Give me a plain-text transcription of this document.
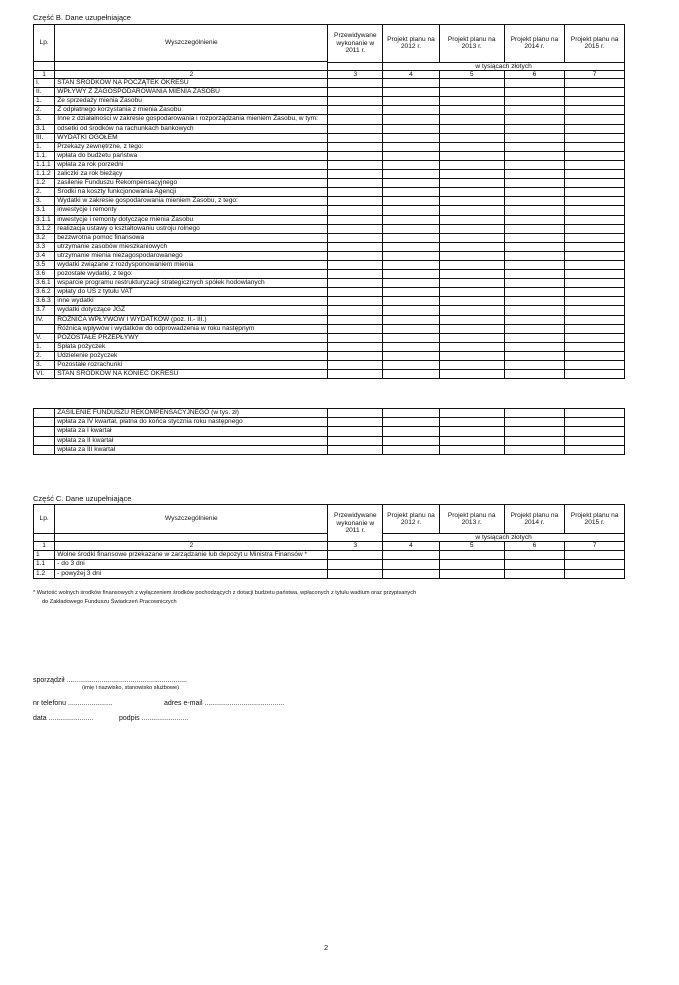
Część B. Dane uzupełniające
Lp.	Wyszczególnienie	Przewidywane wykonanie w 2011 r.	Projekt planu na 2012 r.	Projekt planu na 2013 r.	Projekt planu na 2014 r.	Projekt planu na 2015 r.

			w tysiącach złotych			
1	2	3	4	5	6	7
I.	STAN ŚRODKÓW NA POCZĄTEK OKRESU					
II.	WPŁYWY Z ZAGOSPODAROWANIA MIENIA ZASOBU					
1.	Ze sprzedaży mienia Zasobu					
2.	Z odpłatnego korzystania z mienia Zasobu					
3.	Inne z działalności w zakresie gospodarowania i rozporządzania mieniem Zasobu, w tym:					
3.1	odsetki od środków na rachunkach bankowych					
III.	WYDATKI OGÓŁEM					
1.	Przekazy zewnętrzne, z tego:					
1.1.	wpłata do budżetu państwa					
1.1.1	wpłata za rok porzedni					
1.1.2	zaliczki za rok bieżący					
1.2	zasilenie Funduszu Rekompensacyjnego					
2.	Środki na koszty funkcjonowania Agencji					
3.	Wydatki w zakresie gospodarowania mieniem Zasobu, z tego:					
3.1	inwestycje i remonty					
3.1.1	inwestycje i remonty dotyczące mienia Zasobu					
3.1.2	realizacja ustawy o kształtowaniu ustroju rolnego					
3.2	bezzwrotna pomoc finansowa					
3.3	utrzymanie zasobów mieszkaniowych					
3.4	utrzymanie mienia niezagospodarowanego					
3.5	wydatki związane z rozdysponowaniem mienia					
3.6	pozostałe wydatki, z tego:					
3.6.1	wsparcie programu restrukturyzacji strategicznych spółek hodowlanych					
3.6.2	wpłaty do US z tytułu VAT					
3.6.3	inne wydatki					
3.7	wydatki dotyczące JGZ					
IV.	RÓŻNICA WPŁYWÓW I WYDATKÓW (poz. II.- III.)					
	Różnica wpływów i wydatków do odprowadzenia w roku następnym					
V.	POZOSTAŁE PRZEPŁYWY					
1.	Spłata pożyczek					
2.	Udzielenie pożyczek					
3.	Pozostałe rozrachunki					
VI.	STAN ŚRODKÓW NA KONIEC OKRESU					
	ZASILENIE FUNDUSZU REKOMPENSACYJNEGO (w tys. zł)					
	wpłata za IV kwartał, płatna do końca stycznia roku następnego					
	wpłata za I kwartał					
	wpłata za II kwartał					
	wpłata za III kwartał					
Część C. Dane uzupełniające
Lp.	Wyszczególnienie	Przewidywane wykonanie w 2011 r.	Projekt planu na 2012 r.	Projekt planu na 2013 r.	Projekt planu na 2014 r.	Projekt planu na 2015 r.
			w tysiącach złotych			
1	2	3	4	5	6	7
1	Wolne środki finansowe przekazane w zarządzanie lub depozyt u Ministra Finansów *					
1.1	- do 3 dni					
1.2	- powyżej 3 dni					
* Wartość wolnych środków finansowych z wyłączeniem środków pochodzących z dotacji budżetu państwa, wpłaconych z tytułu wadium oraz przypisanych
do Zakładowego Funduszu Świadczeń Pracowniczych
sporządził ..............................................................
(imię i nazwisko, stanowisko służbowe)
nr telefonu .......................	adres e-mail .........................................
data .......................	podpis ........................
2
